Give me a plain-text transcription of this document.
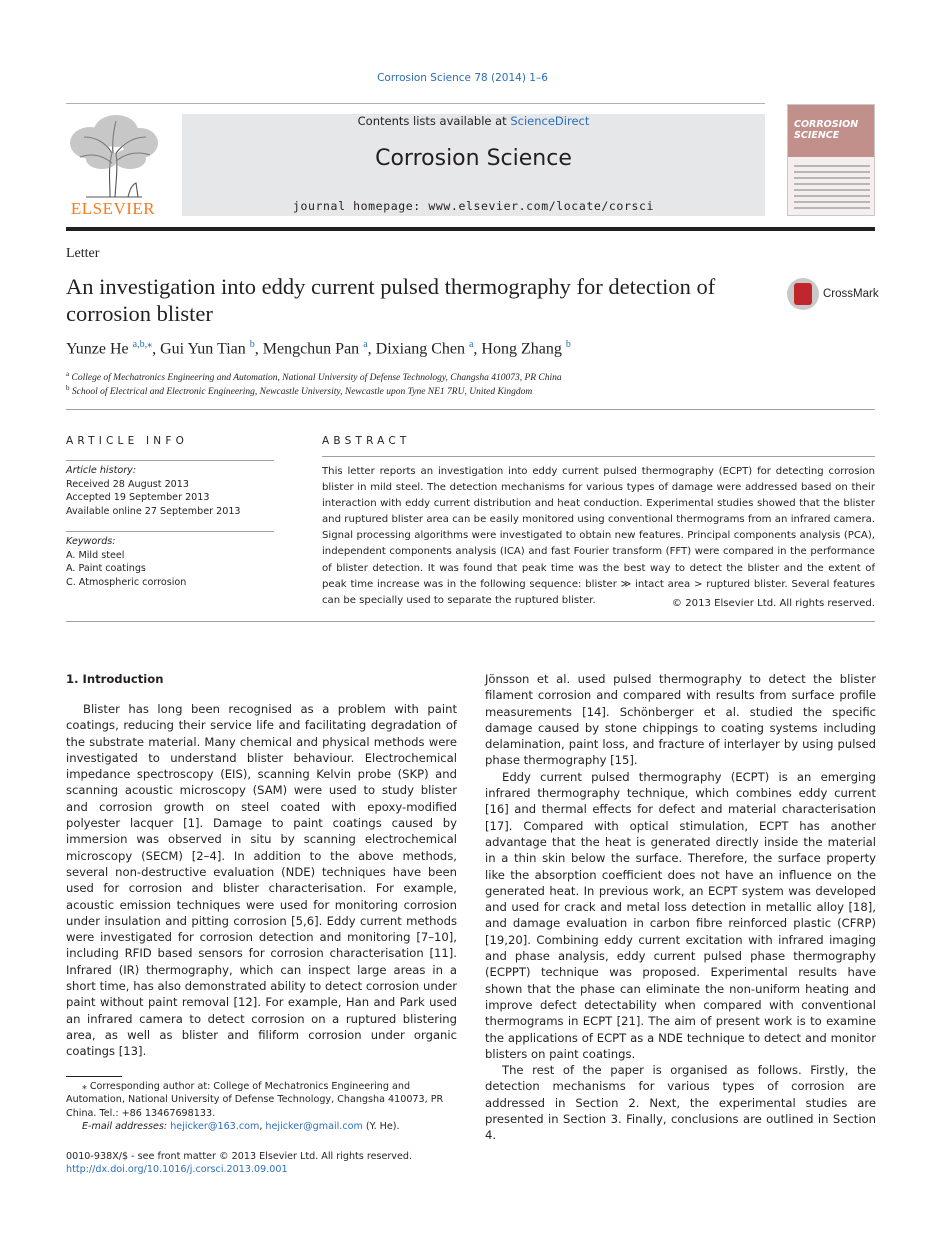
Corrosion Science 78 (2014) 1–6
ELSEVIER
Contents lists available at ScienceDirect
Corrosion Science
journal homepage: www.elsevier.com/locate/corsci
CORROSION
SCIENCE
Letter
An investigation into eddy current pulsed thermography for detection of corrosion blister
CrossMark
Yunze He $^{a,b,⁎}$, Gui Yun Tian $^b$, Mengchun Pan $^a$, Dixiang Chen $^a$, Hong Zhang $^b$
$^a$ College of Mechatronics Engineering and Automation, National University of Defense Technology, Changsha 410073, PR China
$^b$ School of Electrical and Electronic Engineering, Newcastle University, Newcastle upon Tyne NE1 7RU, United Kingdom
ARTICLE INFO	ABSTRACT
Article history:
Received 28 August 2013
Accepted 19 September 2013
Available online 27 September 2013
Keywords:
A. Mild steel
A. Paint coatings
C. Atmospheric corrosion
This letter reports an investigation into eddy current pulsed thermography (ECPT) for detecting corrosion blister in mild steel. The detection mechanisms for various types of damage were addressed based on their interaction with eddy current distribution and heat conduction. Experimental studies showed that the blister and ruptured blister area can be easily monitored using conventional thermograms from an infrared camera. Signal processing algorithms were investigated to obtain new features. Principal components analysis (PCA), independent components analysis (ICA) and fast Fourier transform (FFT) were compared in the performance of blister detection. It was found that peak time was the best way to detect the blister and the extent of peak time increase was in the following sequence: blister ≫ intact area > ruptured blister. Several features can be specially used to separate the ruptured blister.	© 2013 Elsevier Ltd. All rights reserved.
1. Introduction

Blister has long been recognised as a problem with paint coatings, reducing their service life and facilitating degradation of the substrate material. Many chemical and physical methods were investigated to understand blister behaviour. Electrochemical impedance spectroscopy (EIS), scanning Kelvin probe (SKP) and scanning acoustic microscopy (SAM) were used to study blister and corrosion growth on steel coated with epoxy-modified polyester lacquer [1]. Damage to paint coatings caused by immersion was observed in situ by scanning electrochemical microscopy (SECM) [2–4]. In addition to the above methods, several non-destructive evaluation (NDE) techniques have been used for corrosion and blister characterisation. For example, acoustic emission techniques were used for monitoring corrosion under insulation and pitting corrosion [5,6]. Eddy current methods were investigated for corrosion detection and monitoring [7–10], including RFID based sensors for corrosion characterisation [11]. Infrared (IR) thermography, which can inspect large areas in a short time, has also demonstrated ability to detect corrosion under paint without paint removal [12]. For example, Han and Park used an infrared camera to detect corrosion on a ruptured blistering area, as well as blister and filiform corrosion under organic coatings [13].

Jönsson et al. used pulsed thermography to detect the blister filament corrosion and compared with results from surface profile measurements [14]. Schönberger et al. studied the specific damage caused by stone chippings to coating systems including delamination, paint loss, and fracture of interlayer by using pulsed phase thermography [15].

Eddy current pulsed thermography (ECPT) is an emerging infrared thermography technique, which combines eddy current [16] and thermal effects for defect and material characterisation [17]. Compared with optical stimulation, ECPT has another advantage that the heat is generated directly inside the material in a thin skin below the surface. Therefore, the surface property like the absorption coefficient does not have an influence on the generated heat. In previous work, an ECPT system was developed and used for crack and metal loss detection in metallic alloy [18], and damage evaluation in carbon fibre reinforced plastic (CFRP) [19,20]. Combining eddy current excitation with infrared imaging and phase analysis, eddy current pulsed phase thermography (ECPPT) technique was proposed. Experimental results have shown that the phase can eliminate the non-uniform heating and improve defect detectability when compared with conventional thermograms in ECPT [21]. The aim of present work is to examine the applications of ECPT as a NDE technique to detect and monitor blisters on paint coatings.

The rest of the paper is organised as follows. Firstly, the detection mechanisms for various types of corrosion are addressed in Section 2. Next, the experimental studies are presented in Section 3. Finally, conclusions are outlined in Section 4.

⁎ Corresponding author at: College of Mechatronics Engineering and Automation, National University of Defense Technology, Changsha 410073, PR China. Tel.: +86 13467698133.

E-mail addresses: hejicker@163.com, hejicker@gmail.com (Y. He).

0010-938X/$ - see front matter © 2013 Elsevier Ltd. All rights reserved.
http://dx.doi.org/10.1016/j.corsci.2013.09.001
